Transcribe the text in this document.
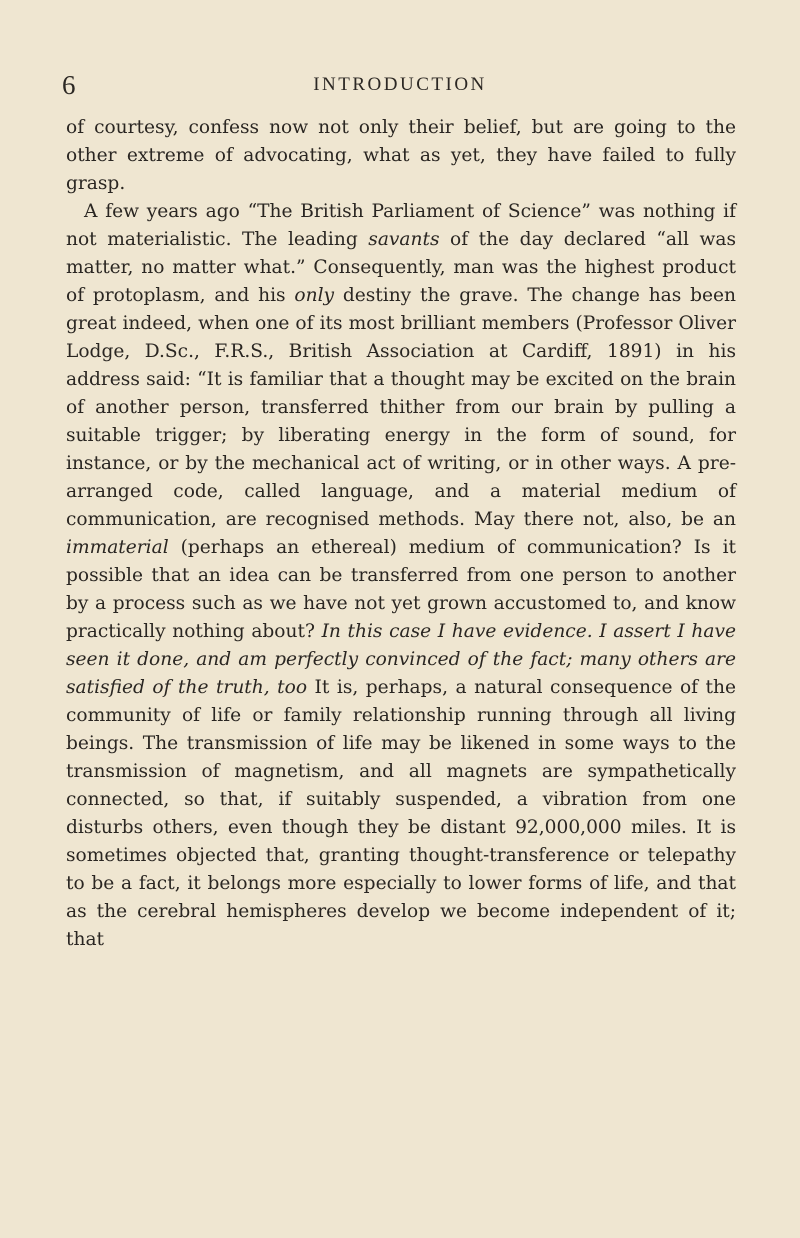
6	INTRODUCTION

of courtesy, confess now not only their belief, but are going to the other extreme of advocating, what as yet, they have failed to fully grasp.

A few years ago “The British Parliament of Science” was nothing if not materialistic. The leading savants of the day declared “all was matter, no matter what.” Consequently, man was the highest product of protoplasm, and his only destiny the grave. The change has been great indeed, when one of its most brilliant members (Professor Oliver Lodge, D.Sc., F.R.S., British Association at Cardiff, 1891) in his address said: “It is familiar that a thought may be excited on the brain of another person, transferred thither from our brain by pulling a suitable trigger; by liberating energy in the form of sound, for instance, or by the mechanical act of writing, or in other ways. A pre-arranged code, called language, and a material medium of communication, are recognised methods. May there not, also, be an immaterial (perhaps an ethereal) medium of communication? Is it possible that an idea can be transferred from one person to another by a process such as we have not yet grown accustomed to, and know practically nothing about? In this case I have evidence. I assert I have seen it done, and am perfectly convinced of the fact; many others are satisfied of the truth, too It is, perhaps, a natural consequence of the community of life or family relationship running through all living beings. The transmission of life may be likened in some ways to the transmission of magnetism, and all magnets are sympathetically connected, so that, if suitably suspended, a vibration from one disturbs others, even though they be distant 92,000,000 miles. It is sometimes objected that, granting thought-transference or telepathy to be a fact, it belongs more especially to lower forms of life, and that as the cerebral hemispheres develop we become independent of it; that
